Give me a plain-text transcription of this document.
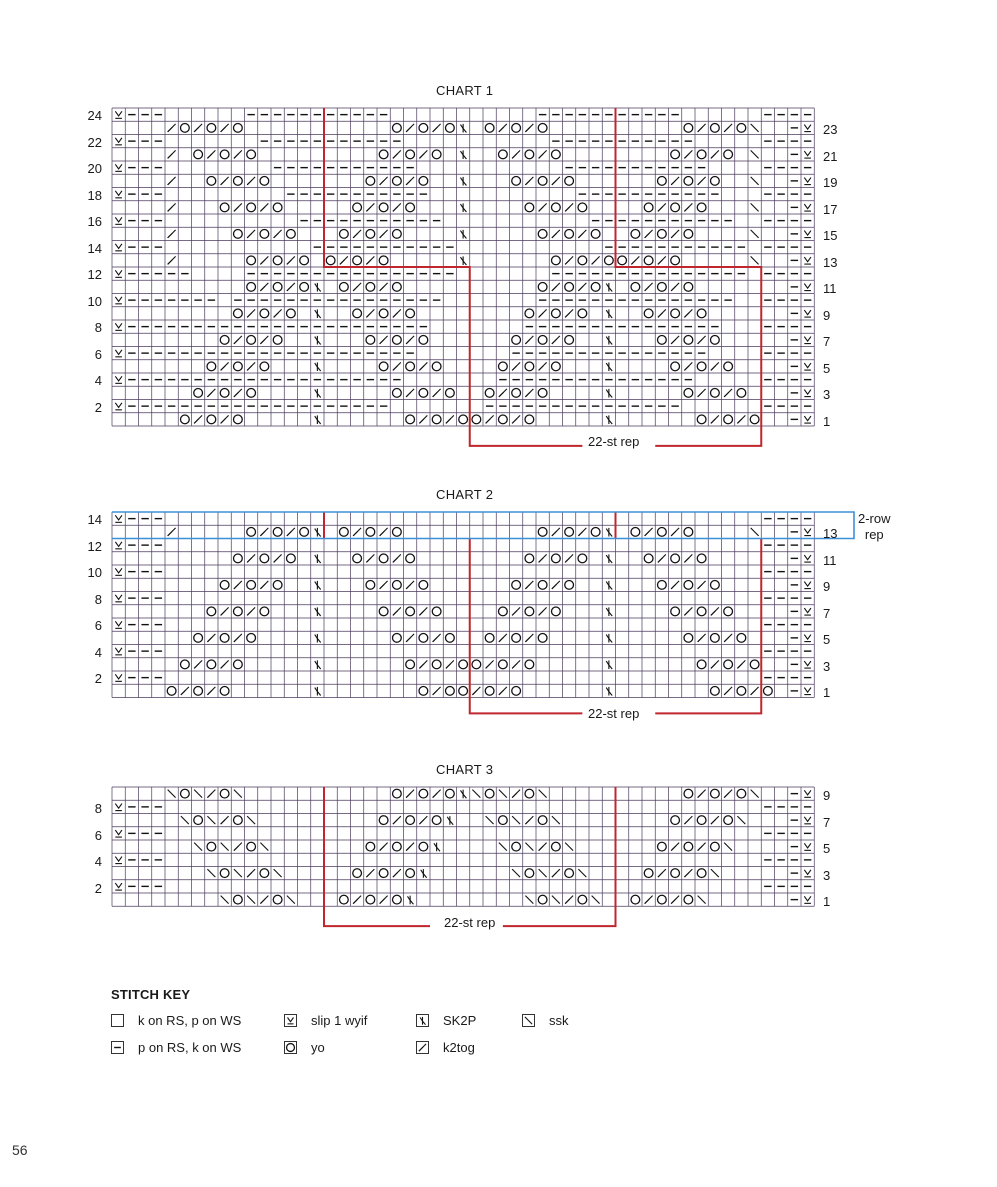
CHART 1
24
22
20
18
16
14
12
10
8
6
4
2
23
21
19
17
15
13
11
9
7
5
3
1
22-st rep
CHART 2
14
12
10
8
6
4
2
13
11
9
7
5
3
1
22-st rep
2-row
rep
CHART 3
8
6
4
2
9
7
5
3
1
22-st rep
STITCH KEY
k on RS, p on WS
p on RS, k on WS
slip 1 wyif
yo
SK2P
k2tog
ssk
56
